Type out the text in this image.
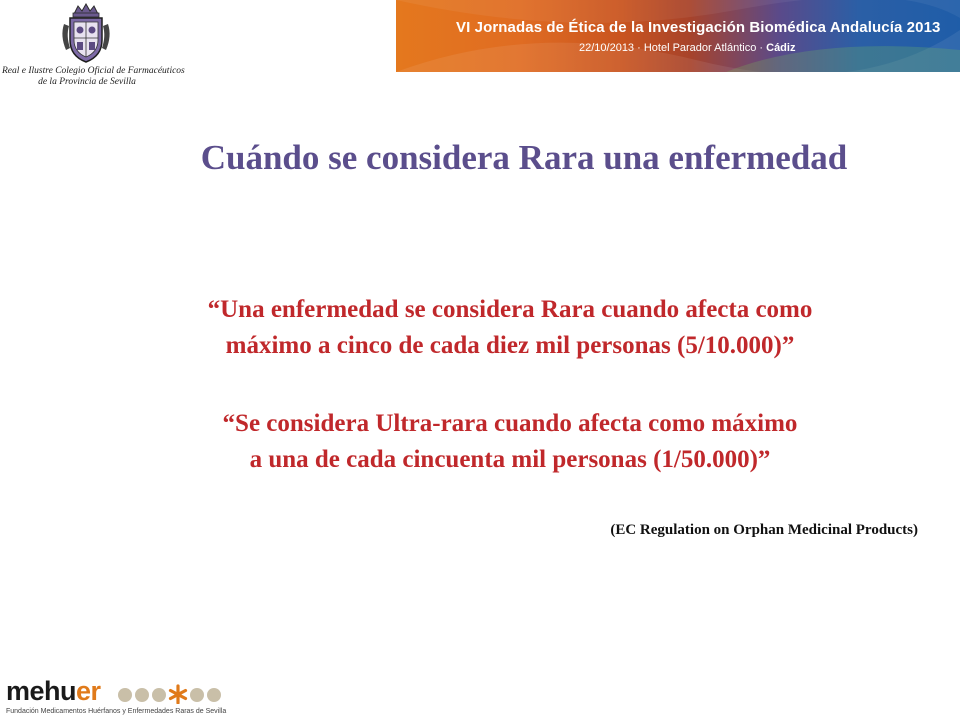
Real e Ilustre Colegio Oficial de Farmacéuticos
de la Provincia de Sevilla
VI Jornadas de Ética de la Investigación Biomédica Andalucía 2013
22/10/2013 · Hotel Parador Atlántico · Cádiz
Cuándo se considera Rara una enfermedad
“Una enfermedad se considera Rara cuando afecta como
máximo a cinco de cada diez mil personas (5/10.000)”
“Se considera Ultra-rara cuando afecta como máximo
a una de cada cincuenta mil personas (1/50.000)”
(EC Regulation on Orphan Medicinal Products)
mehuer
Fundación Medicamentos Huérfanos y Enfermedades Raras de Sevilla
